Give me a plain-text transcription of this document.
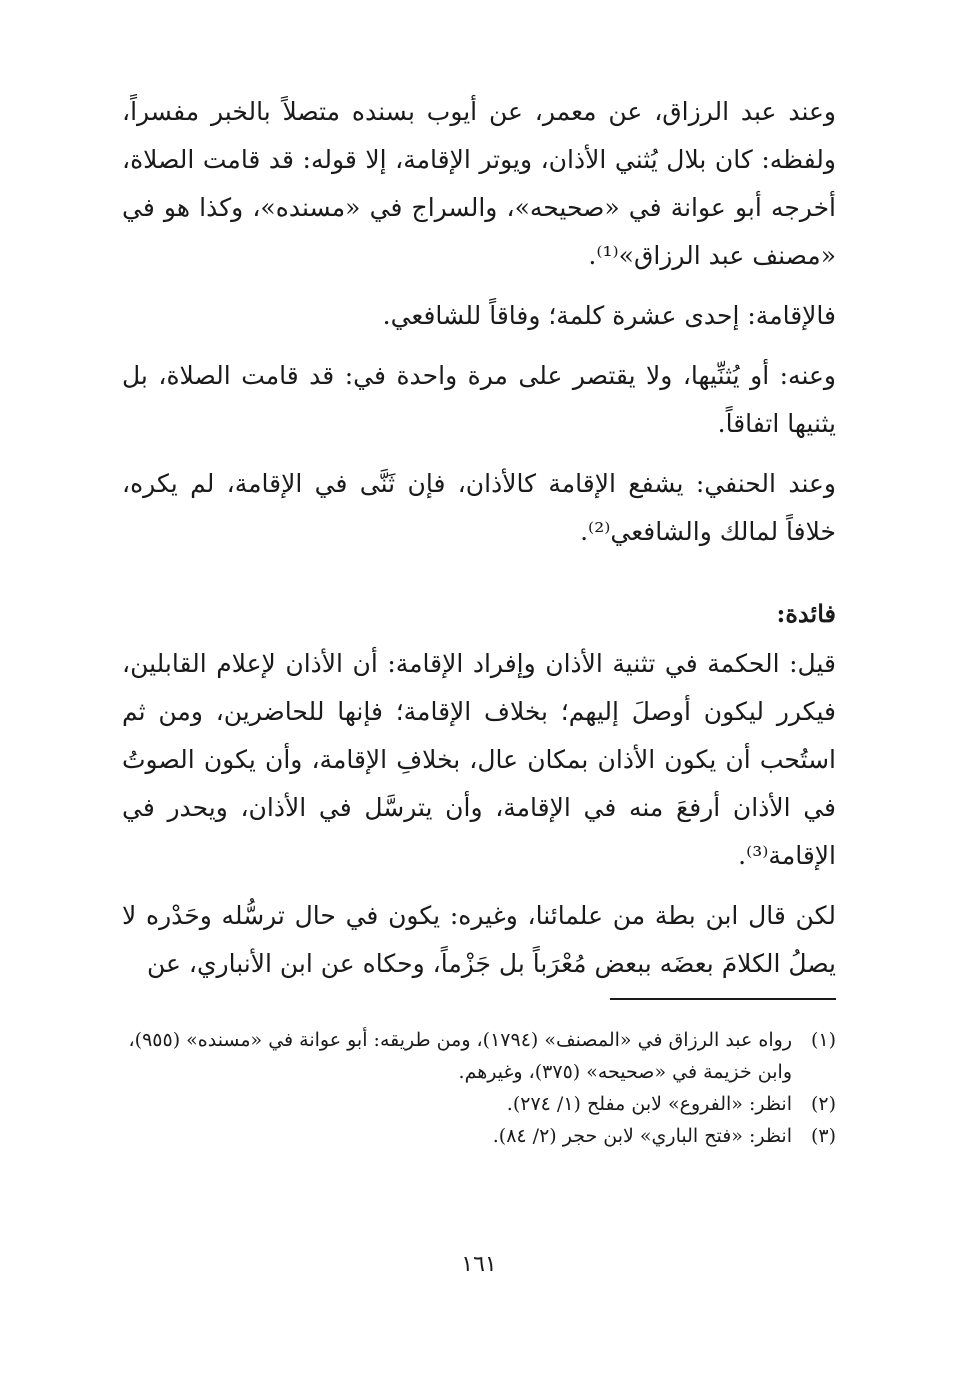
وعند عبد الرزاق، عن معمر، عن أيوب بسنده متصلاً بالخبر مفسراً، ولفظه: كان بلال يُثني الأذان، ويوتر الإقامة، إلا قوله: قد قامت الصلاة، أخرجه أبو عوانة في «صحيحه»، والسراج في «مسنده»، وكذا هو في «مصنف عبد الرزاق»⁽¹⁾.

فالإقامة: إحدى عشرة كلمة؛ وفاقاً للشافعي.

وعنه: أو يُثنِّيها، ولا يقتصر على مرة واحدة في: قد قامت الصلاة، بل يثنيها اتفاقاً.

وعند الحنفي: يشفع الإقامة كالأذان، فإن ثَنَّى في الإقامة، لم يكره، خلافاً لمالك والشافعي⁽²⁾.

فائدة:

قيل: الحكمة في تثنية الأذان وإفراد الإقامة: أن الأذان لإعلام القابلين، فيكرر ليكون أوصلَ إليهم؛ بخلاف الإقامة؛ فإنها للحاضرين، ومن ثم استُحب أن يكون الأذان بمكان عال، بخلافِ الإقامة، وأن يكون الصوتُ في الأذان أرفعَ منه في الإقامة، وأن يترسَّل في الأذان، ويحدر في الإقامة⁽³⁾.

لكن قال ابن بطة من علمائنا، وغيره: يكون في حال ترسُّله وحَدْره لا يصلُ الكلامَ بعضَه ببعض مُعْرَباً بل جَزْماً، وحكاه عن ابن الأنباري، عن

(١)
رواه عبد الرزاق في «المصنف» (١٧٩٤)، ومن طريقه: أبو عوانة في «مسنده» (٩٥٥)، وابن خزيمة في «صحيحه» (٣٧٥)، وغيرهم.
(٢)
انظر: «الفروع» لابن مفلح (١/ ٢٧٤).
(٣)
انظر: «فتح الباري» لابن حجر (٢/ ٨٤).
١٦١
